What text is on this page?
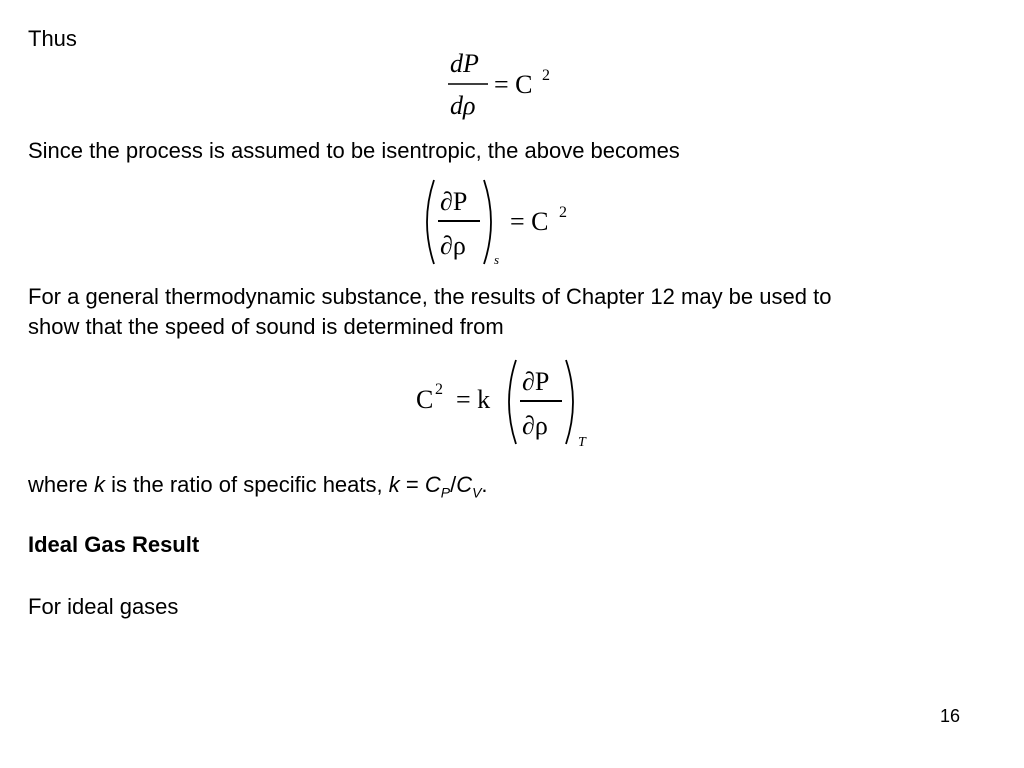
Thus
dP
dρ
= C 2
Since the process is assumed to be isentropic, the above becomes
∂P
∂ρ s
= C 2
For a general thermodynamic substance, the results of Chapter 12 may be used to
show that the speed of sound is determined from
C 2 = k
∂P
∂ρ
T
where k is the ratio of specific heats, $k = C_P/C_V$.
Ideal Gas Result
For ideal gases
16
